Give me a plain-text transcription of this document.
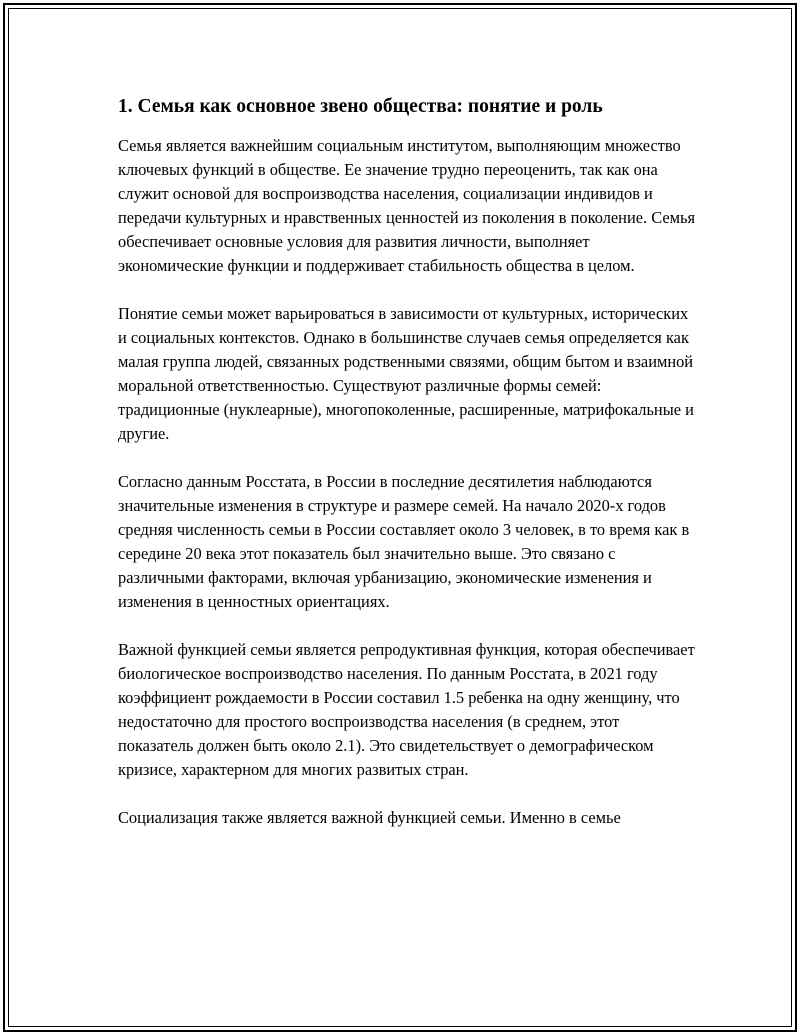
1. Семья как основное звено общества: понятие и роль

Семья является важнейшим социальным институтом, выполняющим множество ключевых функций в обществе. Ее значение трудно переоценить, так как она служит основой для воспроизводства населения, социализации индивидов и передачи культурных и нравственных ценностей из поколения в поколение. Семья обеспечивает основные условия для развития личности, выполняет экономические функции и поддерживает стабильность общества в целом.

Понятие семьи может варьироваться в зависимости от культурных, исторических и социальных контекстов. Однако в большинстве случаев семья определяется как малая группа людей, связанных родственными связями, общим бытом и взаимной моральной ответственностью. Существуют различные формы семей: традиционные (нуклеарные), многопоколенные, расширенные, матрифокальные и другие.

Согласно данным Росстата, в России в последние десятилетия наблюдаются значительные изменения в структуре и размере семей. На начало 2020-х годов средняя численность семьи в России составляет около 3 человек, в то время как в середине 20 века этот показатель был значительно выше. Это связано с различными факторами, включая урбанизацию, экономические изменения и изменения в ценностных ориентациях.

Важной функцией семьи является репродуктивная функция, которая обеспечивает биологическое воспроизводство населения. По данным Росстата, в 2021 году коэффициент рождаемости в России составил 1.5 ребенка на одну женщину, что недостаточно для простого воспроизводства населения (в среднем, этот показатель должен быть около 2.1). Это свидетельствует о демографическом кризисе, характерном для многих развитых стран.

Социализация также является важной функцией семьи. Именно в семье
